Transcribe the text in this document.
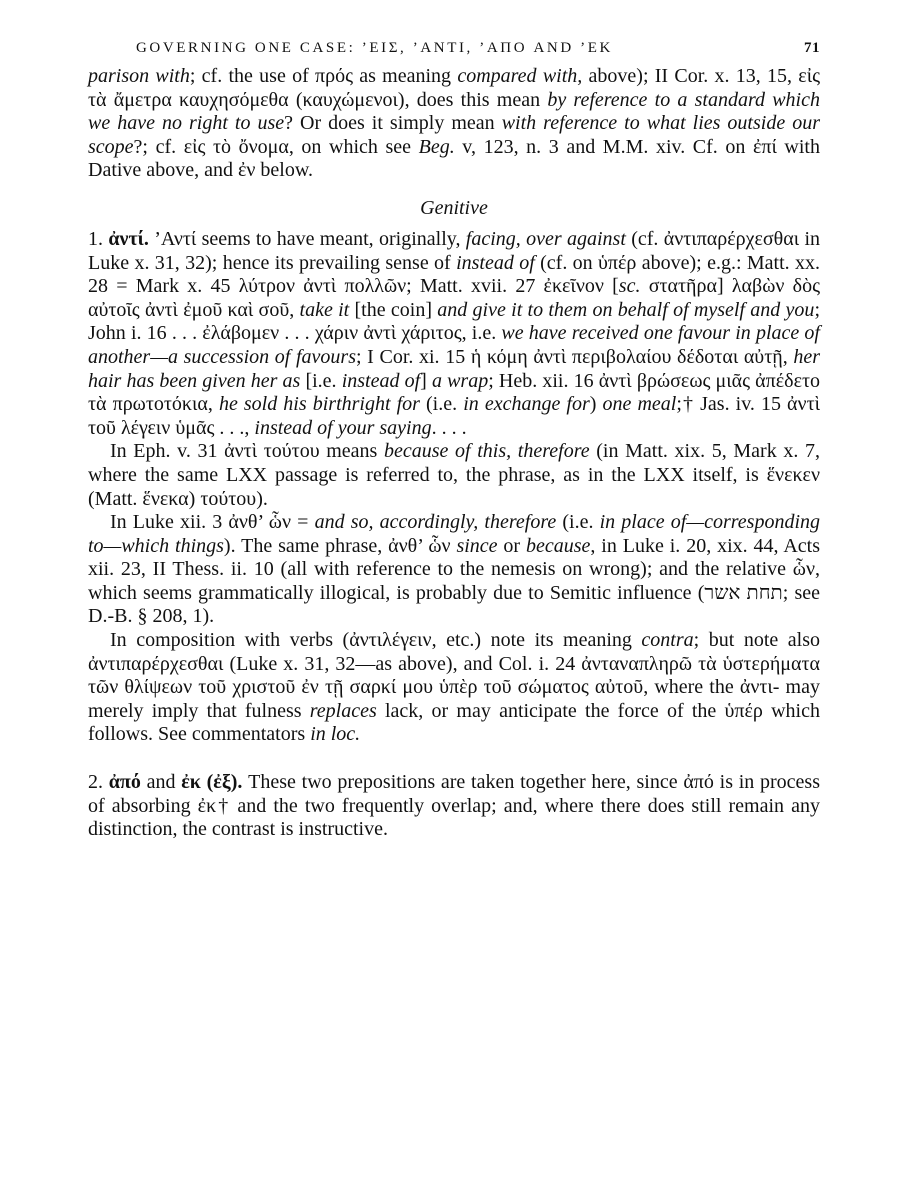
GOVERNING ONE CASE: ’ΕΙΣ, ’ΑΝΤΙ, ’ΑΠΟ AND ’ΕΚ	71

parison with; cf. the use of πρός as meaning compared with, above); II Cor. x. 13, 15, εἰς τὰ ἄμετρα καυχησόμεθα (καυχώμενοι), does this mean by reference to a standard which we have no right to use? Or does it simply mean with reference to what lies outside our scope?; cf. εἰς τὸ ὄνομα, on which see Beg. v, 123, n. 3 and M.M. xiv. Cf. on ἐπί with Dative above, and ἐν below.

Genitive

1. ἀντί. ’Αντί seems to have meant, originally, facing, over against (cf. ἀντιπαρέρχεσθαι in Luke x. 31, 32); hence its prevailing sense of instead of (cf. on ὑπέρ above); e.g.: Matt. xx. 28 = Mark x. 45 λύτρον ἀντὶ πολλῶν; Matt. xvii. 27 ἐκεῖνον [sc. στατῆρα] λαβὼν δὸς αὐτοῖς ἀντὶ ἐμοῦ καὶ σοῦ, take it [the coin] and give it to them on behalf of myself and you; John i. 16 . . . ἐλάβομεν . . . χάριν ἀντὶ χάριτος, i.e. we have received one favour in place of another—a succession of favours; I Cor. xi. 15 ἡ κόμη ἀντὶ περιβολαίου δέδοται αὐτῇ, her hair has been given her as [i.e. instead of] a wrap; Heb. xii. 16 ἀντὶ βρώσεως μιᾶς ἀπέδετο τὰ πρωτοτόκια, he sold his birthright for (i.e. in exchange for) one meal;† Jas. iv. 15 ἀντὶ τοῦ λέγειν ὑμᾶς . . ., instead of your saying. . . .

In Eph. v. 31 ἀντὶ τούτου means because of this, therefore (in Matt. xix. 5, Mark x. 7, where the same LXX passage is referred to, the phrase, as in the LXX itself, is ἕνεκεν (Matt. ἕνεκα) τούτου).

In Luke xii. 3 ἀνθ’ ὧν = and so, accordingly, therefore (i.e. in place of—corresponding to—which things). The same phrase, ἀνθ’ ὧν since or because, in Luke i. 20, xix. 44, Acts xii. 23, II Thess. ii. 10 (all with reference to the nemesis on wrong); and the relative ὧν, which seems grammatically illogical, is probably due to Semitic influence (תחת אשר; see D.-B. § 208, 1).

In composition with verbs (ἀντιλέγειν, etc.) note its meaning contra; but note also ἀντιπαρέρχεσθαι (Luke x. 31, 32—as above), and Col. i. 24 ἀνταναπληρῶ τὰ ὑστερήματα τῶν θλίψεων τοῦ χριστοῦ ἐν τῇ σαρκί μου ὑπὲρ τοῦ σώματος αὐτοῦ, where the ἀντι- may merely imply that fulness replaces lack, or may anticipate the force of the ὑπέρ which follows. See commentators in loc.

2. ἀπό and ἐκ (ἐξ). These two prepositions are taken together here, since ἀπό is in process of absorbing ἐκ† and the two frequently overlap; and, where there does still remain any distinction, the contrast is instructive.
